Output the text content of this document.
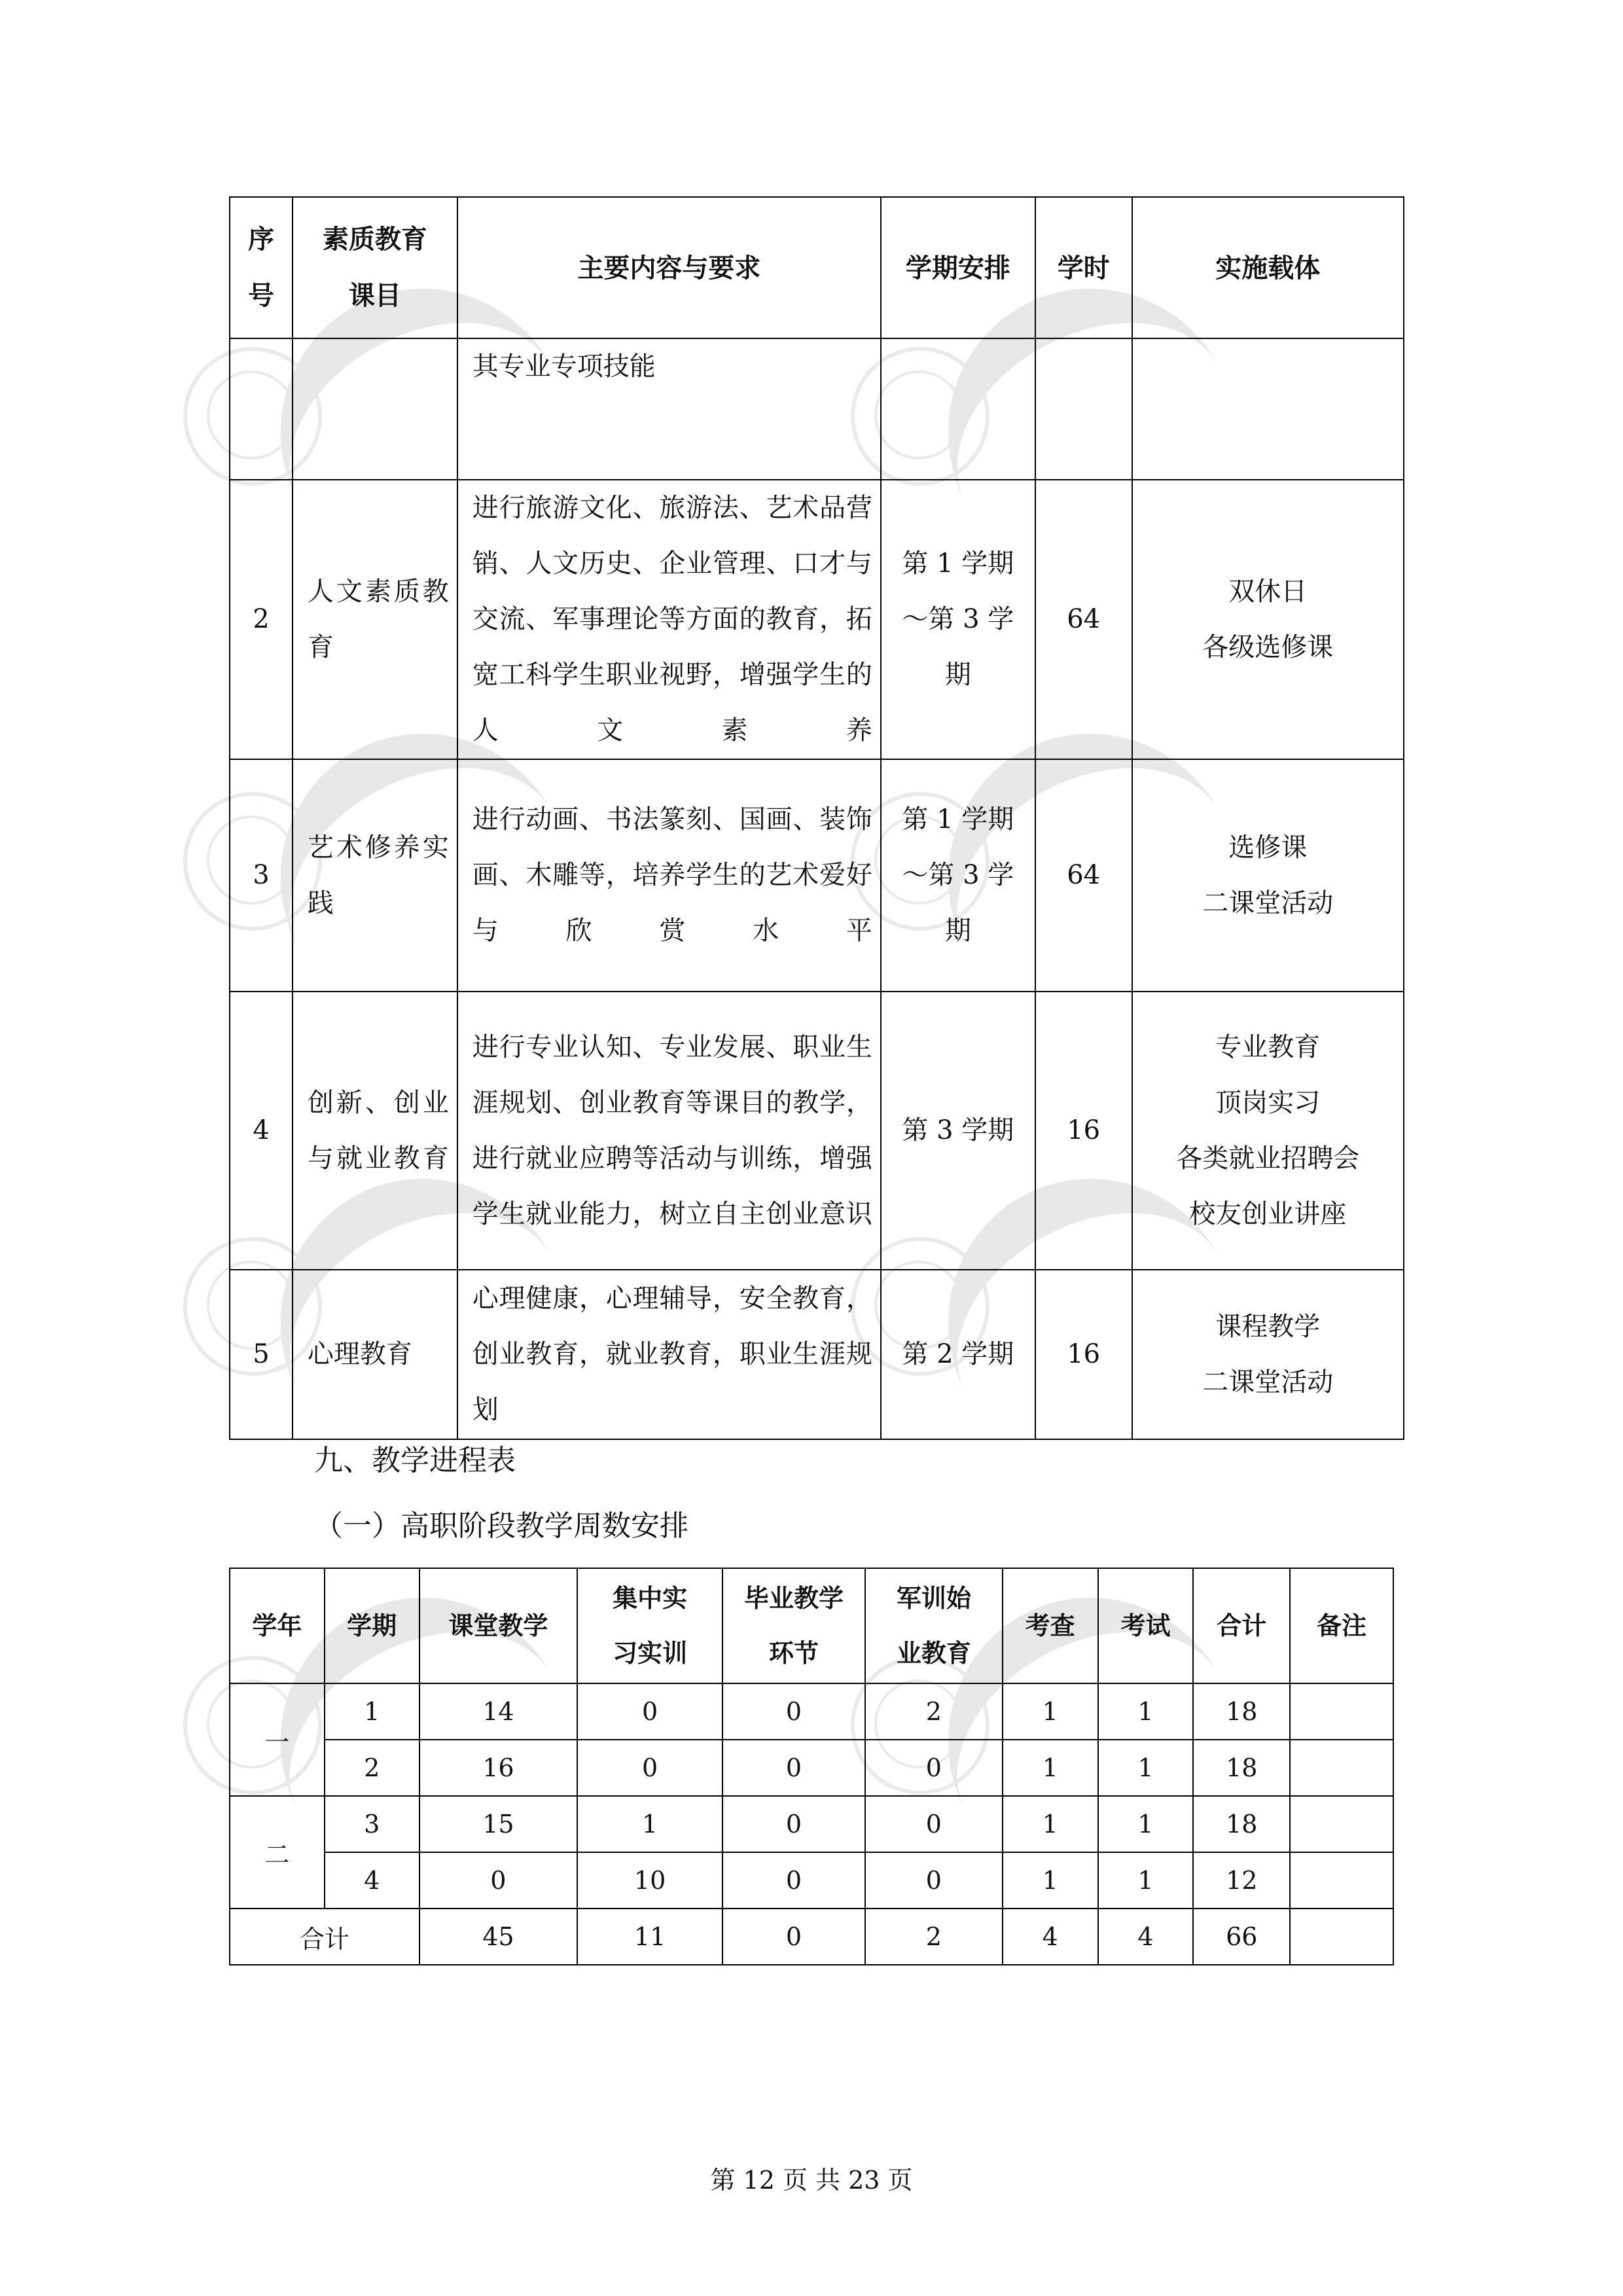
序号	素质教育课目	主要内容与要求	学期安排	学时	实施载体
		其专业专项技能			
2	人文素质教育	进行旅游文化、旅游法、艺术品营销、人文历史、企业管理、口才与交流、军事理论等方面的教育，拓宽工科学生职业视野，增强学生的人文素养	第 1 学期～第 3 学期	64	双休日
各级选修课

3	艺术修养实践	进行动画、书法篆刻、国画、装饰画、木雕等，培养学生的艺术爱好与欣赏水平	第 1 学期～第 3 学期	64	选修课
二课堂活动

4	创新、创业与就业教育	进行专业认知、专业发展、职业生涯规划、创业教育等课目的教学，进行就业应聘等活动与训练，增强学生就业能力，树立自主创业意识	第 3 学期	16	专业教育
顶岗实习
各类就业招聘会
校友创业讲座

5	心理教育	心理健康，心理辅导，安全教育，创业教育，就业教育，职业生涯规划	第 2 学期	16	课程教学
二课堂活动
九、教学进程表
（一）高职阶段教学周数安排
学年	学期	课堂教学	集中实习实训	毕业教学环节	军训始业教育	考查	考试	合计	备注
一	1	14	0	0	2	1	1	18	
	2	16	0	0	0	1	1	18	
二	3	15	1	0	0	1	1	18	
	4	0	10	0	0	1	1	12	
合计		45	11	0	2	4	4	66	
第 12 页 共 23 页
